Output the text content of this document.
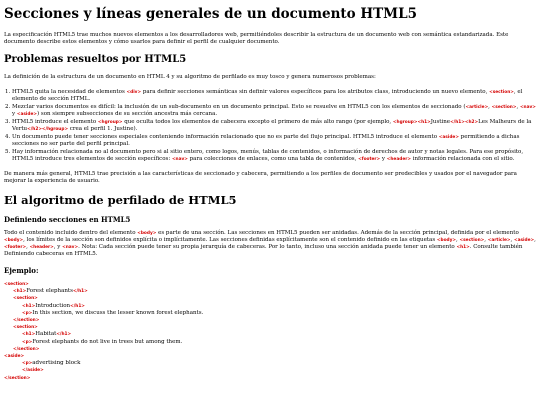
Secciones y líneas generales de un documento HTML5

La especificación HTML5 trae muchos nuevos elementos a los desarrolladores web, permitiéndoles describir la estructura de un documento web con semántica estandarizada. Este documento describe estos elementos y cómo usarlos para definir el perfil de cualquier documento.

Problemas resueltos por HTML5

La definición de la estructura de un documento en HTML 4 y su algoritmo de perfilado es muy tosco y genera numerosos problemas:

1. HTML5 quita la necesidad de elementos <div> para definir secciones semánticas sin definir valores específicos para los atributos class, introduciendo un nuevo elemento, <section>, el elemento de sección HTML.
2. Mezclar varios documentos es difícil: la inclusión de un sub-documento en un documento principal. Esto se resuelve en HTML5 con los elementos de seccionado (<article>, <section>, <nav> y <aside>) son siempre subsecciones de su sección ancestra más cercana.
3. HTML5 introduce el elemento <hgroup> que oculta todos los elementos de cabecera excepto el primero de más alto rango (por ejemplo, <hgroup><h1>Justine</h1><h2>Les Malheurs de la Vertu</h2></hgroup> crea el perfil 1. Justine).
4. Un documento puede tener secciones especiales conteniendo información relacionado que no es parte del flujo principal. HTML5 introduce el elemento <aside> permitiendo a dichas secciones no ser parte del perfil principal.
5. Hay información relacionada no al documento pero si al sitio entero, como logos, menús, tablas de contenidos, o información de derechos de autor y notas legales. Para ese propósito, HTML5 introduce tres elementos de sección específicos: <nav> para colecciones de enlaces, como una tabla de contenidos, <footer> y <header> información relacionada con el sitio.

De manera más general, HTML5 trae precisión a las características de seccionado y cabecera, permitiendo a los perfiles de documento ser predecibles y usados por el navegador para mejorar la experiencia de usuario.

El algoritmo de perfilado de HTML5
Definiendo secciones en HTML5

Todo el contenido incluido dentro del elemento <body> es parte de una sección. Las secciones en HTML5 pueden ser anidadas. Además de la sección principal, definida por el elemento <body>, los límites de la sección son definidos explícita o implícitamente. Las secciones definidas explícitamente son el contenido definido en las etiquetas <body>, <section>, <article>, <aside>, <footer>, <header>, y <nav>. Nota: Cada sección puede tener su propia jerarquía de cabeceras. Por lo tanto, incluso una sección anidada puede tener un elemento <h1>. Consulte también Definiendo cabeceras en HTML5.

Ejemplo:
<section>
<h1>Forest elephants</h1>
<section>
<h1>Introduction</h1>
<p>In this section, we discuss the lesser known forest elephants.
</section>
<section>
<h1>Habitat</h1>
<p>Forest elephants do not live in trees but among them.
</section>
<aside>
<p>advertising block
</aside>
</section>
